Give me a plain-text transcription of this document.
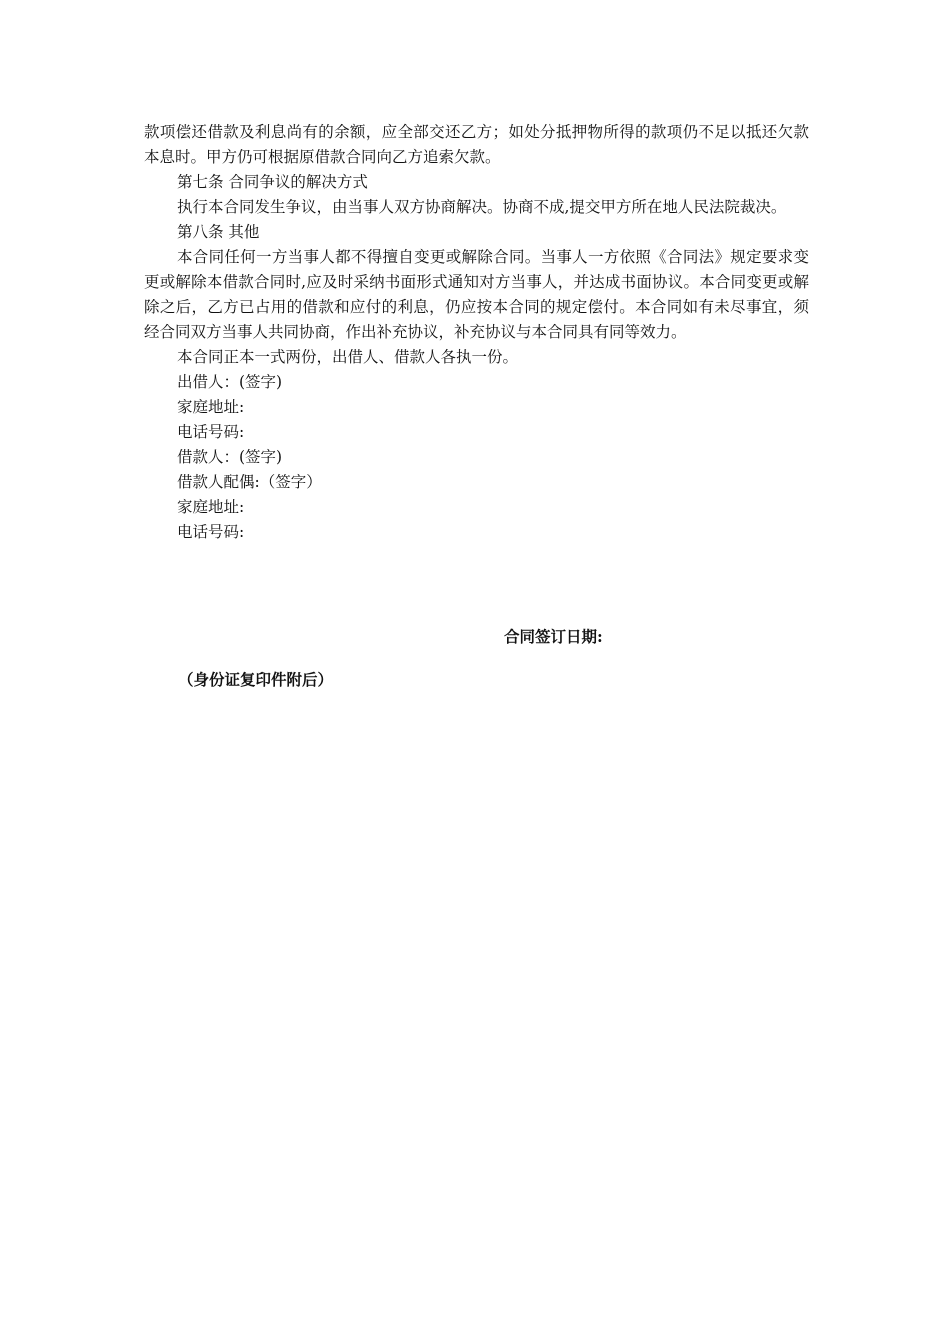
款项偿还借款及利息尚有的余额，应全部交还乙方；如处分抵押物所得的款项仍不足以抵还欠款本息时。甲方仍可根据原借款合同向乙方追索欠款。

第七条 合同争议的解决方式

执行本合同发生争议，由当事人双方协商解决。协商不成,提交甲方所在地人民法院裁决。

第八条 其他

本合同任何一方当事人都不得擅自变更或解除合同。当事人一方依照《合同法》规定要求变更或解除本借款合同时,应及时采纳书面形式通知对方当事人，并达成书面协议。本合同变更或解除之后，乙方已占用的借款和应付的利息，仍应按本合同的规定偿付。本合同如有未尽事宜，须经合同双方当事人共同协商，作出补充协议，补充协议与本合同具有同等效力。

本合同正本一式两份，出借人、借款人各执一份。

出借人：(签字)

家庭地址:

电话号码:

借款人：(签字)

借款人配偶:（签字）

家庭地址:

电话号码:

合同签订日期:

（身份证复印件附后）
